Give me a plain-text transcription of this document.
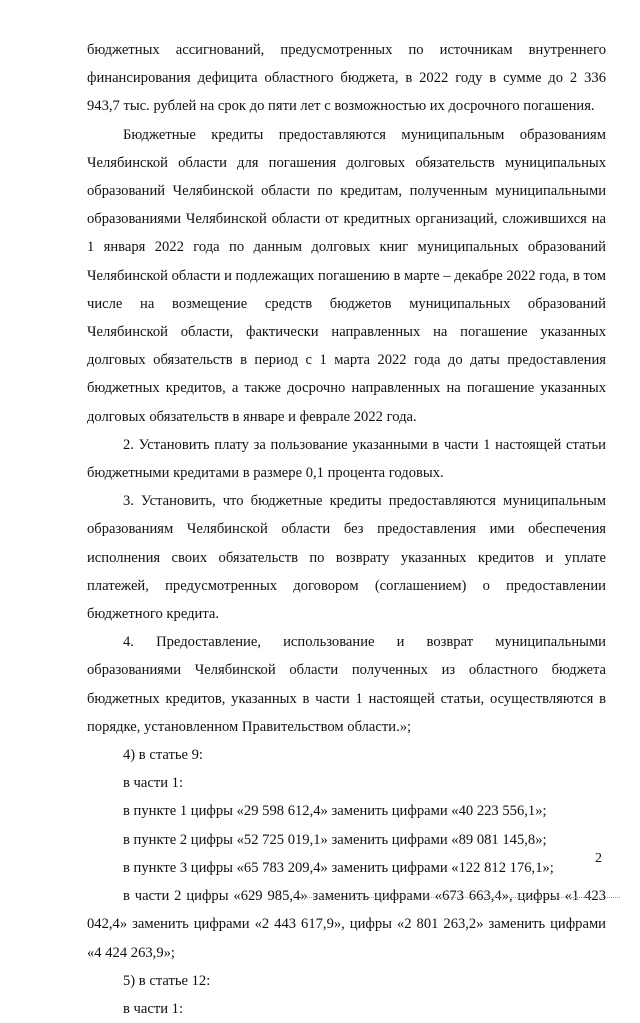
бюджетных ассигнований, предусмотренных по источникам внутреннего финансирования дефицита областного бюджета, в 2022 году в сумме до 2 336 943,7 тыс. рублей на срок до пяти лет с возможностью их досрочного погашения.

Бюджетные кредиты предоставляются муниципальным образованиям Челябинской области для погашения долговых обязательств муниципальных образований Челябинской области по кредитам, полученным муниципальными образованиями Челябинской области от кредитных организаций, сложившихся на 1 января 2022 года по данным долговых книг муниципальных образований Челябинской области и подлежащих погашению в марте – декабре 2022 года, в том числе на возмещение средств бюджетов муниципальных образований Челябинской области, фактически направленных на погашение указанных долговых обязательств в период с 1 марта 2022 года до даты предоставления бюджетных кредитов, а также досрочно направленных на погашение указанных долговых обязательств в январе и феврале 2022 года.

2. Установить плату за пользование указанными в части 1 настоящей статьи бюджетными кредитами в размере 0,1 процента годовых.

3. Установить, что бюджетные кредиты предоставляются муниципальным образованиям Челябинской области без предоставления ими обеспечения исполнения своих обязательств по возврату указанных кредитов и уплате платежей, предусмотренных договором (соглашением) о предоставлении бюджетного кредита.

4. Предоставление, использование и возврат муниципальными образованиями Челябинской области полученных из областного бюджета бюджетных кредитов, указанных в части 1 настоящей статьи, осуществляются в порядке, установленном Правительством области.»;

4) в статье 9:

в части 1:

в пункте 1 цифры «29 598 612,4» заменить цифрами «40 223 556,1»;

в пункте 2 цифры «52 725 019,1» заменить цифрами «89 081 145,8»;

в пункте 3 цифры «65 783 209,4» заменить цифрами «122 812 176,1»;

в части 2 цифры «629 985,4» заменить цифрами «673 663,4», цифры «1 423 042,4» заменить цифрами «2 443 617,9», цифры «2 801 263,2» заменить цифрами «4 424 263,9»;

5) в статье 12:

в части 1:

2
